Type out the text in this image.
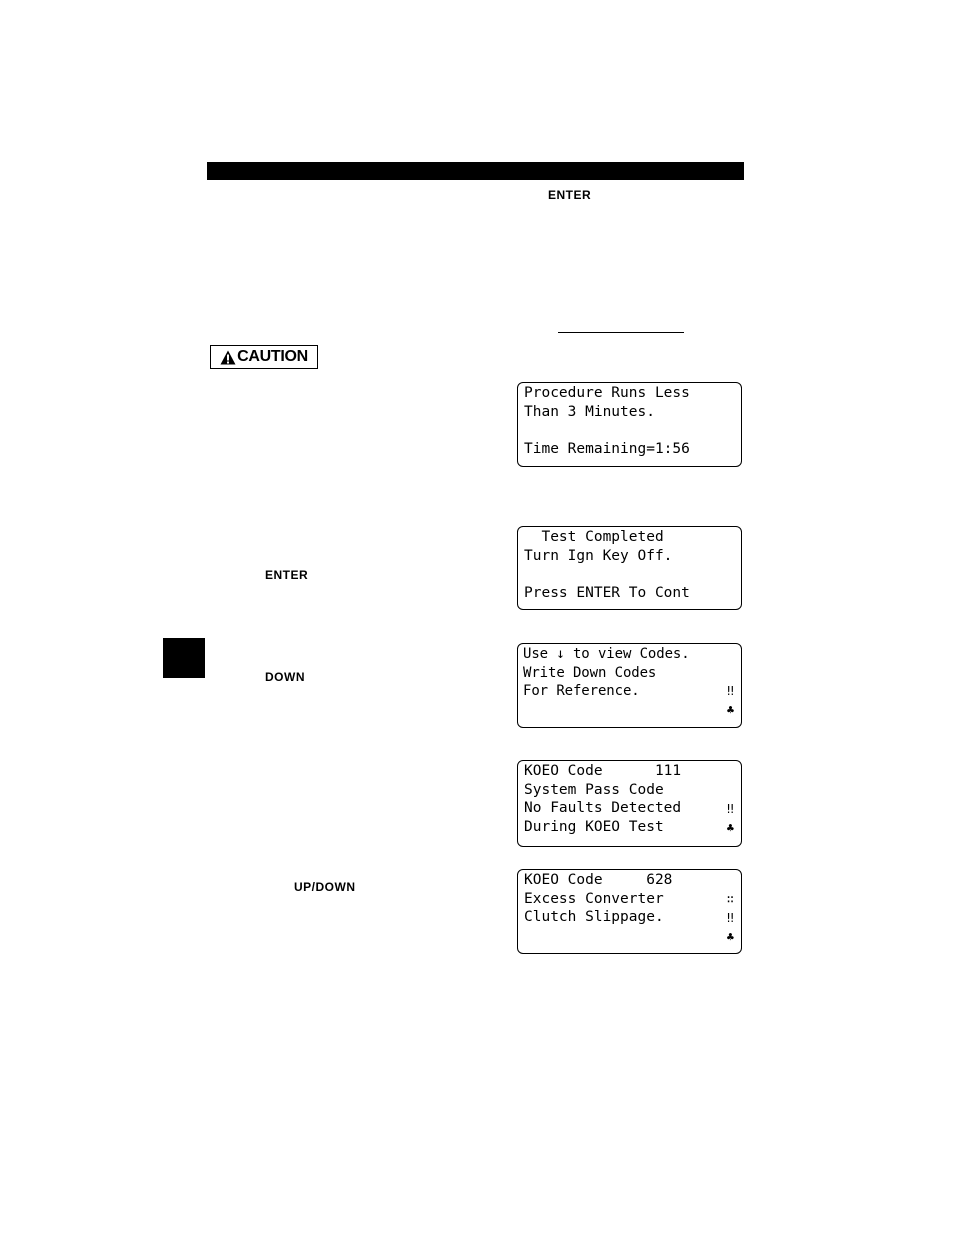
ENTER
CAUTION
ENTER
DOWN
UP/DOWN
Procedure Runs Less
Than 3 Minutes.
Time Remaining=1:56
Test Completed
Turn Ign Key Off.
Press ENTER To Cont
Use ↓ to view Codes.
Write Down Codes
For Reference.	‼
♣
KOEO Code      111
System Pass Code
No Faults Detected
During KOEO Test
‼
♣
KOEO Code     628
Excess Converter
Clutch Slippage.
∷
‼
♣
